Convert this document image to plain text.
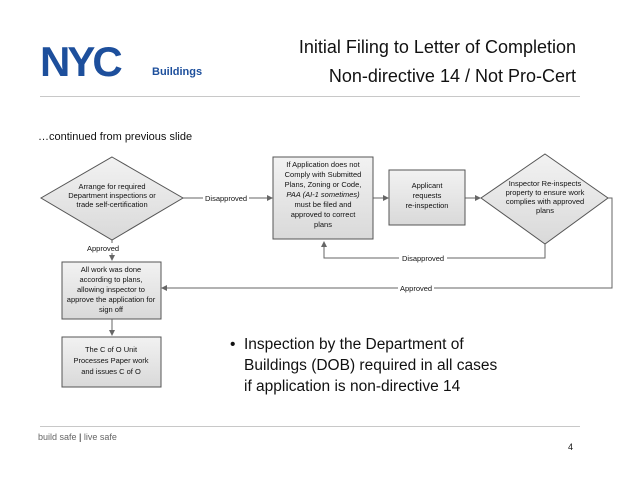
NYC	Buildings
Initial Filing to Letter of Completion
Non-directive 14 / Not Pro-Cert
…continued from previous slide
Disapproved
Approved
Disapproved
Approved
Arrange for required Department inspections or trade self-certification
If Application does not Comply with Submitted Plans, Zoning or Code, PAA (AI-1 sometimes) must be filed and approved to correct plans
Applicant requests re-inspection
Inspector Re-inspects property to ensure work complies with approved plans
All work was done according to plans, allowing inspector to approve the application for sign off
The C of O Unit Processes Paper work and issues C of O
• Inspection by the Department of
Buildings (DOB) required in all cases
if application is non-directive 14
build safe | live safe
4
